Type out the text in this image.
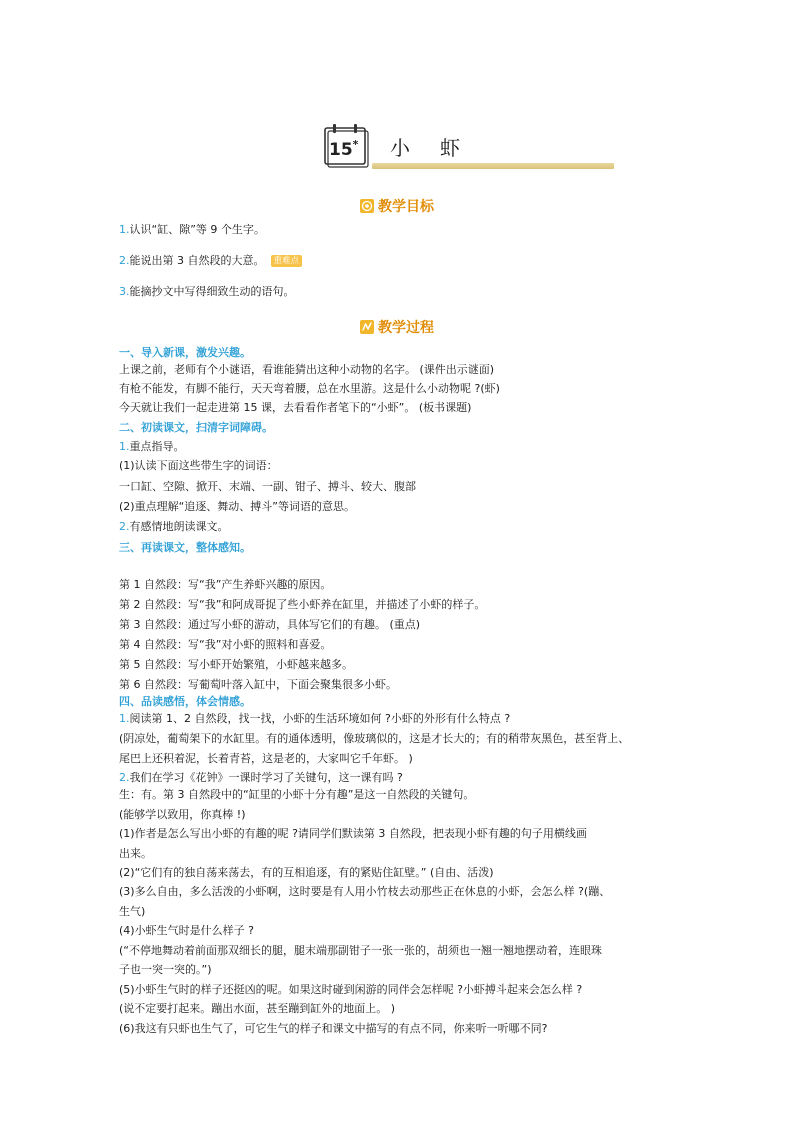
15* 小 虾
教学目标
1.认识“缸、隙”等 9 个生字。
2.能说出第 3 自然段的大意。 重难点
3.能摘抄文中写得细致生动的语句。
教学过程
一、导入新课，激发兴趣。
上课之前，老师有个小谜语，看谁能猜出这种小动物的名字。 (课件出示谜面)
有枪不能发，有脚不能行，天天弯着腰，总在水里游。这是什么小动物呢 ?(虾)
今天就让我们一起走进第 15 课，去看看作者笔下的“小虾”。 (板书课题)
二、初读课文，扫清字词障碍。
1.重点指导。
(1)认读下面这些带生字的词语：
一口缸、空隙、掀开、末端、一副、钳子、搏斗、较大、腹部
(2)重点理解“追逐、舞动、搏斗”等词语的意思。
2.有感情地朗读课文。
三、再读课文，整体感知。
第 1 自然段：写“我”产生养虾兴趣的原因。
第 2 自然段：写“我”和阿成哥捉了些小虾养在缸里，并描述了小虾的样子。
第 3 自然段：通过写小虾的游动，具体写它们的有趣。 (重点)
第 4 自然段：写“我”对小虾的照料和喜爱。
第 5 自然段：写小虾开始繁殖，小虾越来越多。
第 6 自然段：写葡萄叶落入缸中，下面会聚集很多小虾。
四、品读感悟，体会情感。
1.阅读第 1、2 自然段，找一找，小虾的生活环境如何 ?小虾的外形有什么特点 ?
(阴凉处，葡萄架下的水缸里。有的通体透明，像玻璃似的，这是才长大的；有的稍带灰黑色，甚至背上、
尾巴上还积着泥，长着青苔，这是老的，大家叫它千年虾。 )
2.我们在学习《花钟》一课时学习了关键句，这一课有吗 ?
生：有。第 3 自然段中的“缸里的小虾十分有趣”是这一自然段的关键句。
(能够学以致用，你真棒 !)
(1)作者是怎么写出小虾的有趣的呢 ?请同学们默读第 3 自然段，把表现小虾有趣的句子用横线画
出来。
(2)“它们有的独自荡来荡去，有的互相追逐，有的紧贴住缸壁。” (自由、活泼)
(3)多么自由，多么活泼的小虾啊，这时要是有人用小竹枝去动那些正在休息的小虾，会怎么样 ?(蹦、
生气)
(4)小虾生气时是什么样子 ?
(“不停地舞动着前面那双细长的腿，腿末端那副钳子一张一张的，胡须也一翘一翘地摆动着，连眼珠
子也一突一突的。”)
(5)小虾生气时的样子还挺凶的呢。如果这时碰到闲游的同伴会怎样呢 ?小虾搏斗起来会怎么样 ?
(说不定要打起来。蹦出水面，甚至蹦到缸外的地面上。 )
(6)我这有只虾也生气了，可它生气的样子和课文中描写的有点不同，你来听一听哪不同?
